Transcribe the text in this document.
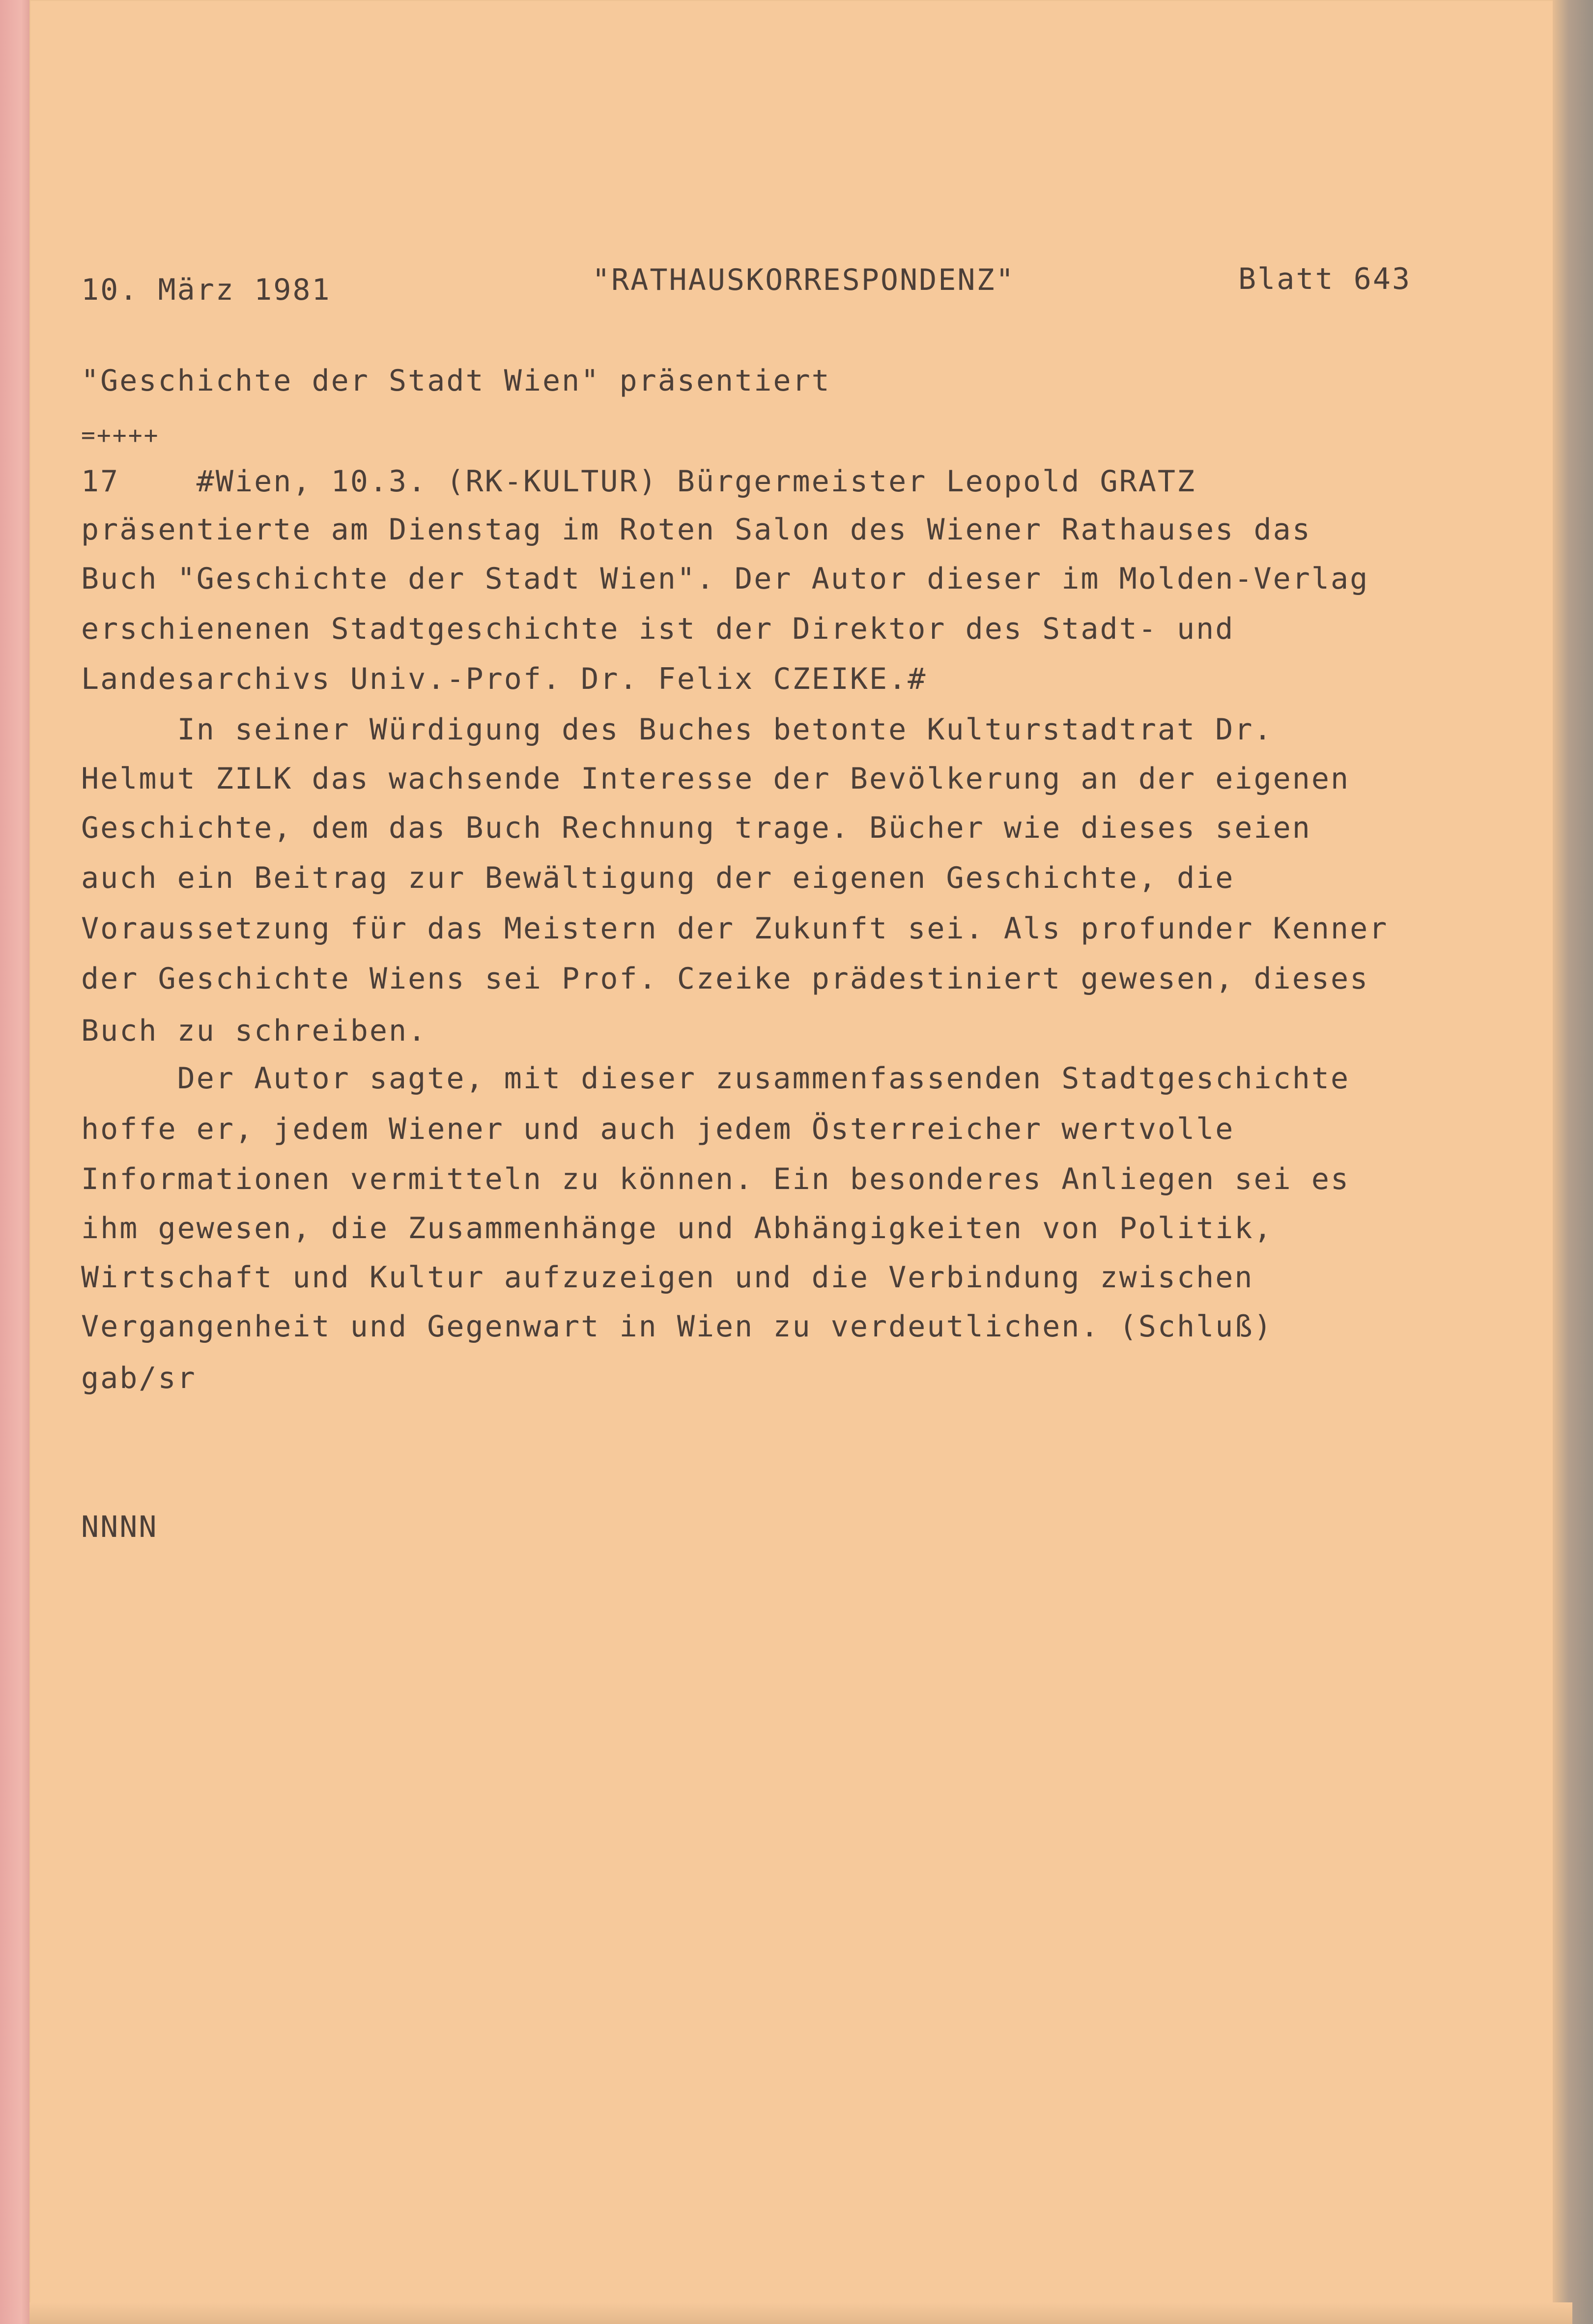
10. März 1981	"RATHAUSKORRESPONDENZ"	Blatt 643
"Geschichte der Stadt Wien" präsentiert
=++++
17    #Wien, 10.3. (RK-KULTUR) Bürgermeister Leopold GRATZ
präsentierte am Dienstag im Roten Salon des Wiener Rathauses das
Buch "Geschichte der Stadt Wien". Der Autor dieser im Molden-Verlag
erschienenen Stadtgeschichte ist der Direktor des Stadt- und
Landesarchivs Univ.-Prof. Dr. Felix CZEIKE.#
In seiner Würdigung des Buches betonte Kulturstadtrat Dr.
Helmut ZILK das wachsende Interesse der Bevölkerung an der eigenen
Geschichte, dem das Buch Rechnung trage. Bücher wie dieses seien
auch ein Beitrag zur Bewältigung der eigenen Geschichte, die
Voraussetzung für das Meistern der Zukunft sei. Als profunder Kenner
der Geschichte Wiens sei Prof. Czeike prädestiniert gewesen, dieses
Buch zu schreiben.
Der Autor sagte, mit dieser zusammenfassenden Stadtgeschichte
hoffe er, jedem Wiener und auch jedem Österreicher wertvolle
Informationen vermitteln zu können. Ein besonderes Anliegen sei es
ihm gewesen, die Zusammenhänge und Abhängigkeiten von Politik,
Wirtschaft und Kultur aufzuzeigen und die Verbindung zwischen
Vergangenheit und Gegenwart in Wien zu verdeutlichen. (Schluß)
gab/sr
NNNN
